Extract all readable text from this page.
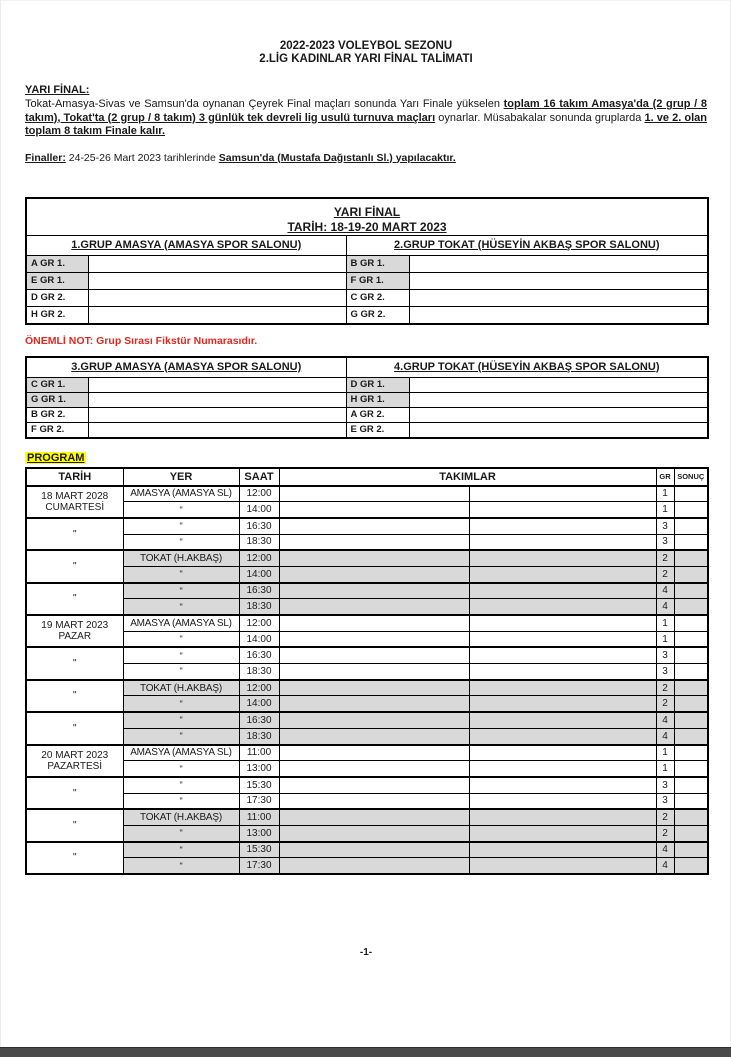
2022-2023 VOLEYBOL SEZONU
2.LİG KADINLAR YARI FİNAL TALİMATI
YARI FİNAL:

Tokat-Amasya-Sivas ve Samsun'da oynanan Çeyrek Final maçları sonunda Yarı Finale yükselen toplam 16 takım Amasya'da (2 grup / 8 takım), Tokat'ta (2 grup / 8 takım) 3 günlük tek devreli lig usulü turnuva maçları oynarlar. Müsabakalar sonunda gruplarda 1. ve 2. olan toplam 8 takım Finale kalır.

Finaller: 24-25-26 Mart 2023 tarihlerinde Samsun'da (Mustafa Dağıstanlı Sl.) yapılacaktır.

YARI FİNAL
TARİH: 18-19-20 MART 2023			

1.GRUP AMASYA (AMASYA SPOR SALONU)		2.GRUP TOKAT (HÜSEYİN AKBAŞ SPOR SALONU)	
A GR 1.		B GR 1.	
E GR 1.		F GR 1.	
D GR 2.		C GR 2.	
H GR 2.		G GR 2.	
ÖNEMLİ NOT: Grup Sırası Fikstür Numarasıdır.
3.GRUP AMASYA (AMASYA SPOR SALONU)		4.GRUP TOKAT (HÜSEYİN AKBAŞ SPOR SALONU)	
C GR 1.		D GR 1.	
G GR 1.		H GR 1.	
B GR 2.		A GR 2.	
F GR 2.		E GR 2.	
PROGRAM
TARİH	YER	SAAT	TAKIMLAR		GR	SONUÇ

18 MART 2028
CUMARTESİ	AMASYA (AMASYA SL)	12:00			1	
	"	14:00			1	
"	"	16:30			3	
	"	18:30			3	
"	TOKAT (H.AKBAŞ)	12:00			2	
	"	14:00			2	
"	"	16:30			4	
	"	18:30			4	

19 MART 2023
PAZAR	AMASYA (AMASYA SL)	12:00			1	
	"	14:00			1	
"	"	16:30			3	
	"	18:30			3	
"	TOKAT (H.AKBAŞ)	12:00			2	
	"	14:00			2	
"	"	16:30			4	
	"	18:30			4	

20 MART 2023
PAZARTESİ	AMASYA (AMASYA SL)	11:00			1	
	"	13:00			1	
"	"	15:30			3	
	"	17:30			3	
"	TOKAT (H.AKBAŞ)	11:00			2	
	"	13:00			2	
"	"	15:30			4	
	"	17:30			4	
-1-
